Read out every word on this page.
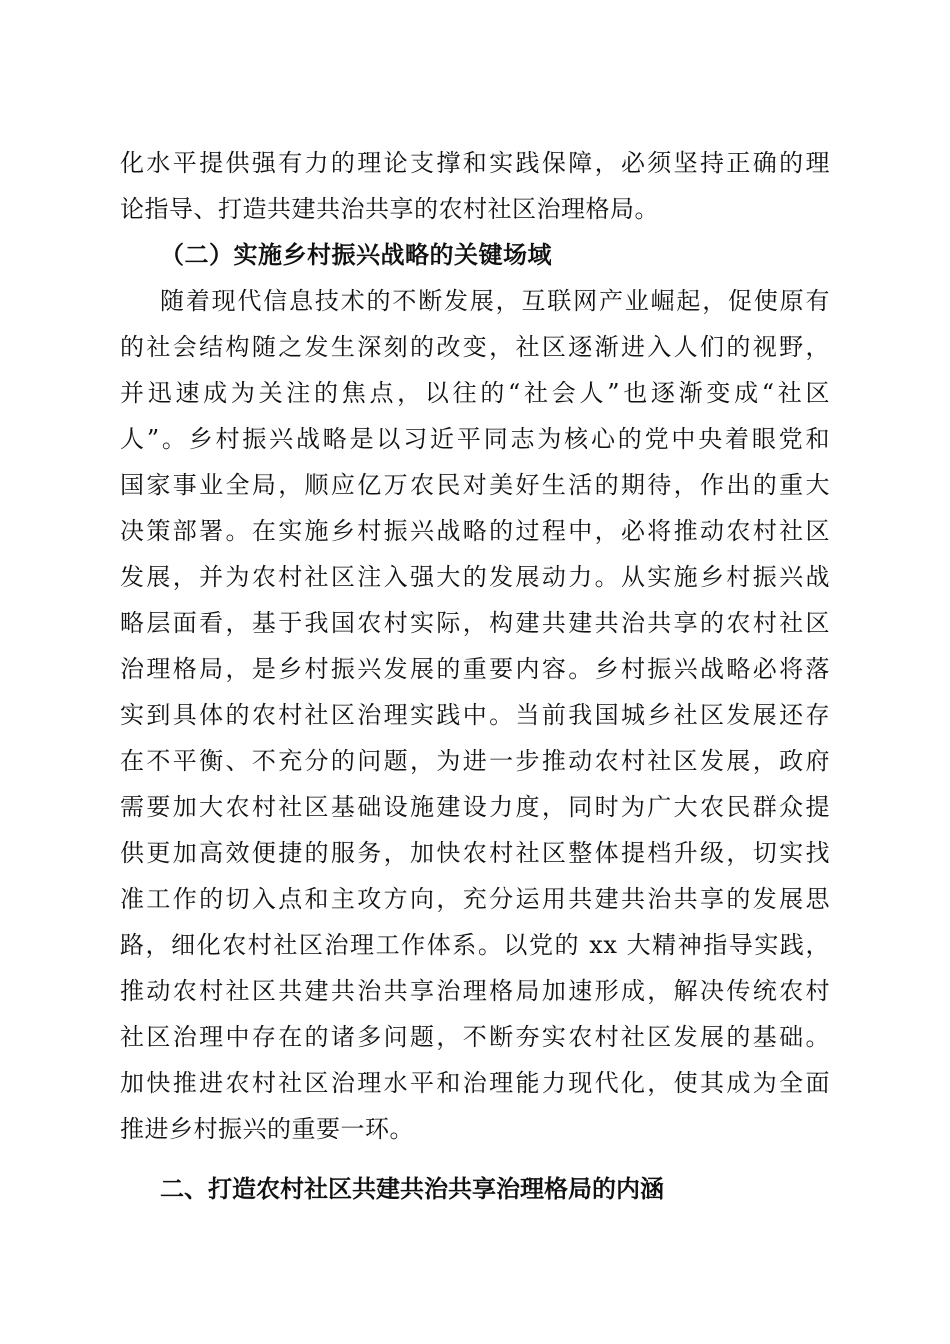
化水平提供强有力的理论支撑和实践保障，必须坚持正确的理
论指导、打造共建共治共享的农村社区治理格局。
（二）实施乡村振兴战略的关键场域
随着现代信息技术的不断发展，互联网产业崛起，促使原有
的社会结构随之发生深刻的改变，社区逐渐进入人们的视野，
并迅速成为关注的焦点，以往的“社会人”也逐渐变成“社区
人”。乡村振兴战略是以习近平同志为核心的党中央着眼党和
国家事业全局，顺应亿万农民对美好生活的期待，作出的重大
决策部署。在实施乡村振兴战略的过程中，必将推动农村社区
发展，并为农村社区注入强大的发展动力。从实施乡村振兴战
略层面看，基于我国农村实际，构建共建共治共享的农村社区
治理格局，是乡村振兴发展的重要内容。乡村振兴战略必将落
实到具体的农村社区治理实践中。当前我国城乡社区发展还存
在不平衡、不充分的问题，为进一步推动农村社区发展，政府
需要加大农村社区基础设施建设力度，同时为广大农民群众提
供更加高效便捷的服务，加快农村社区整体提档升级，切实找
准工作的切入点和主攻方向，充分运用共建共治共享的发展思
路，细化农村社区治理工作体系。以党的 xx 大精神指导实践，
推动农村社区共建共治共享治理格局加速形成，解决传统农村
社区治理中存在的诸多问题，不断夯实农村社区发展的基础。
加快推进农村社区治理水平和治理能力现代化，使其成为全面
推进乡村振兴的重要一环。
二、打造农村社区共建共治共享治理格局的内涵
